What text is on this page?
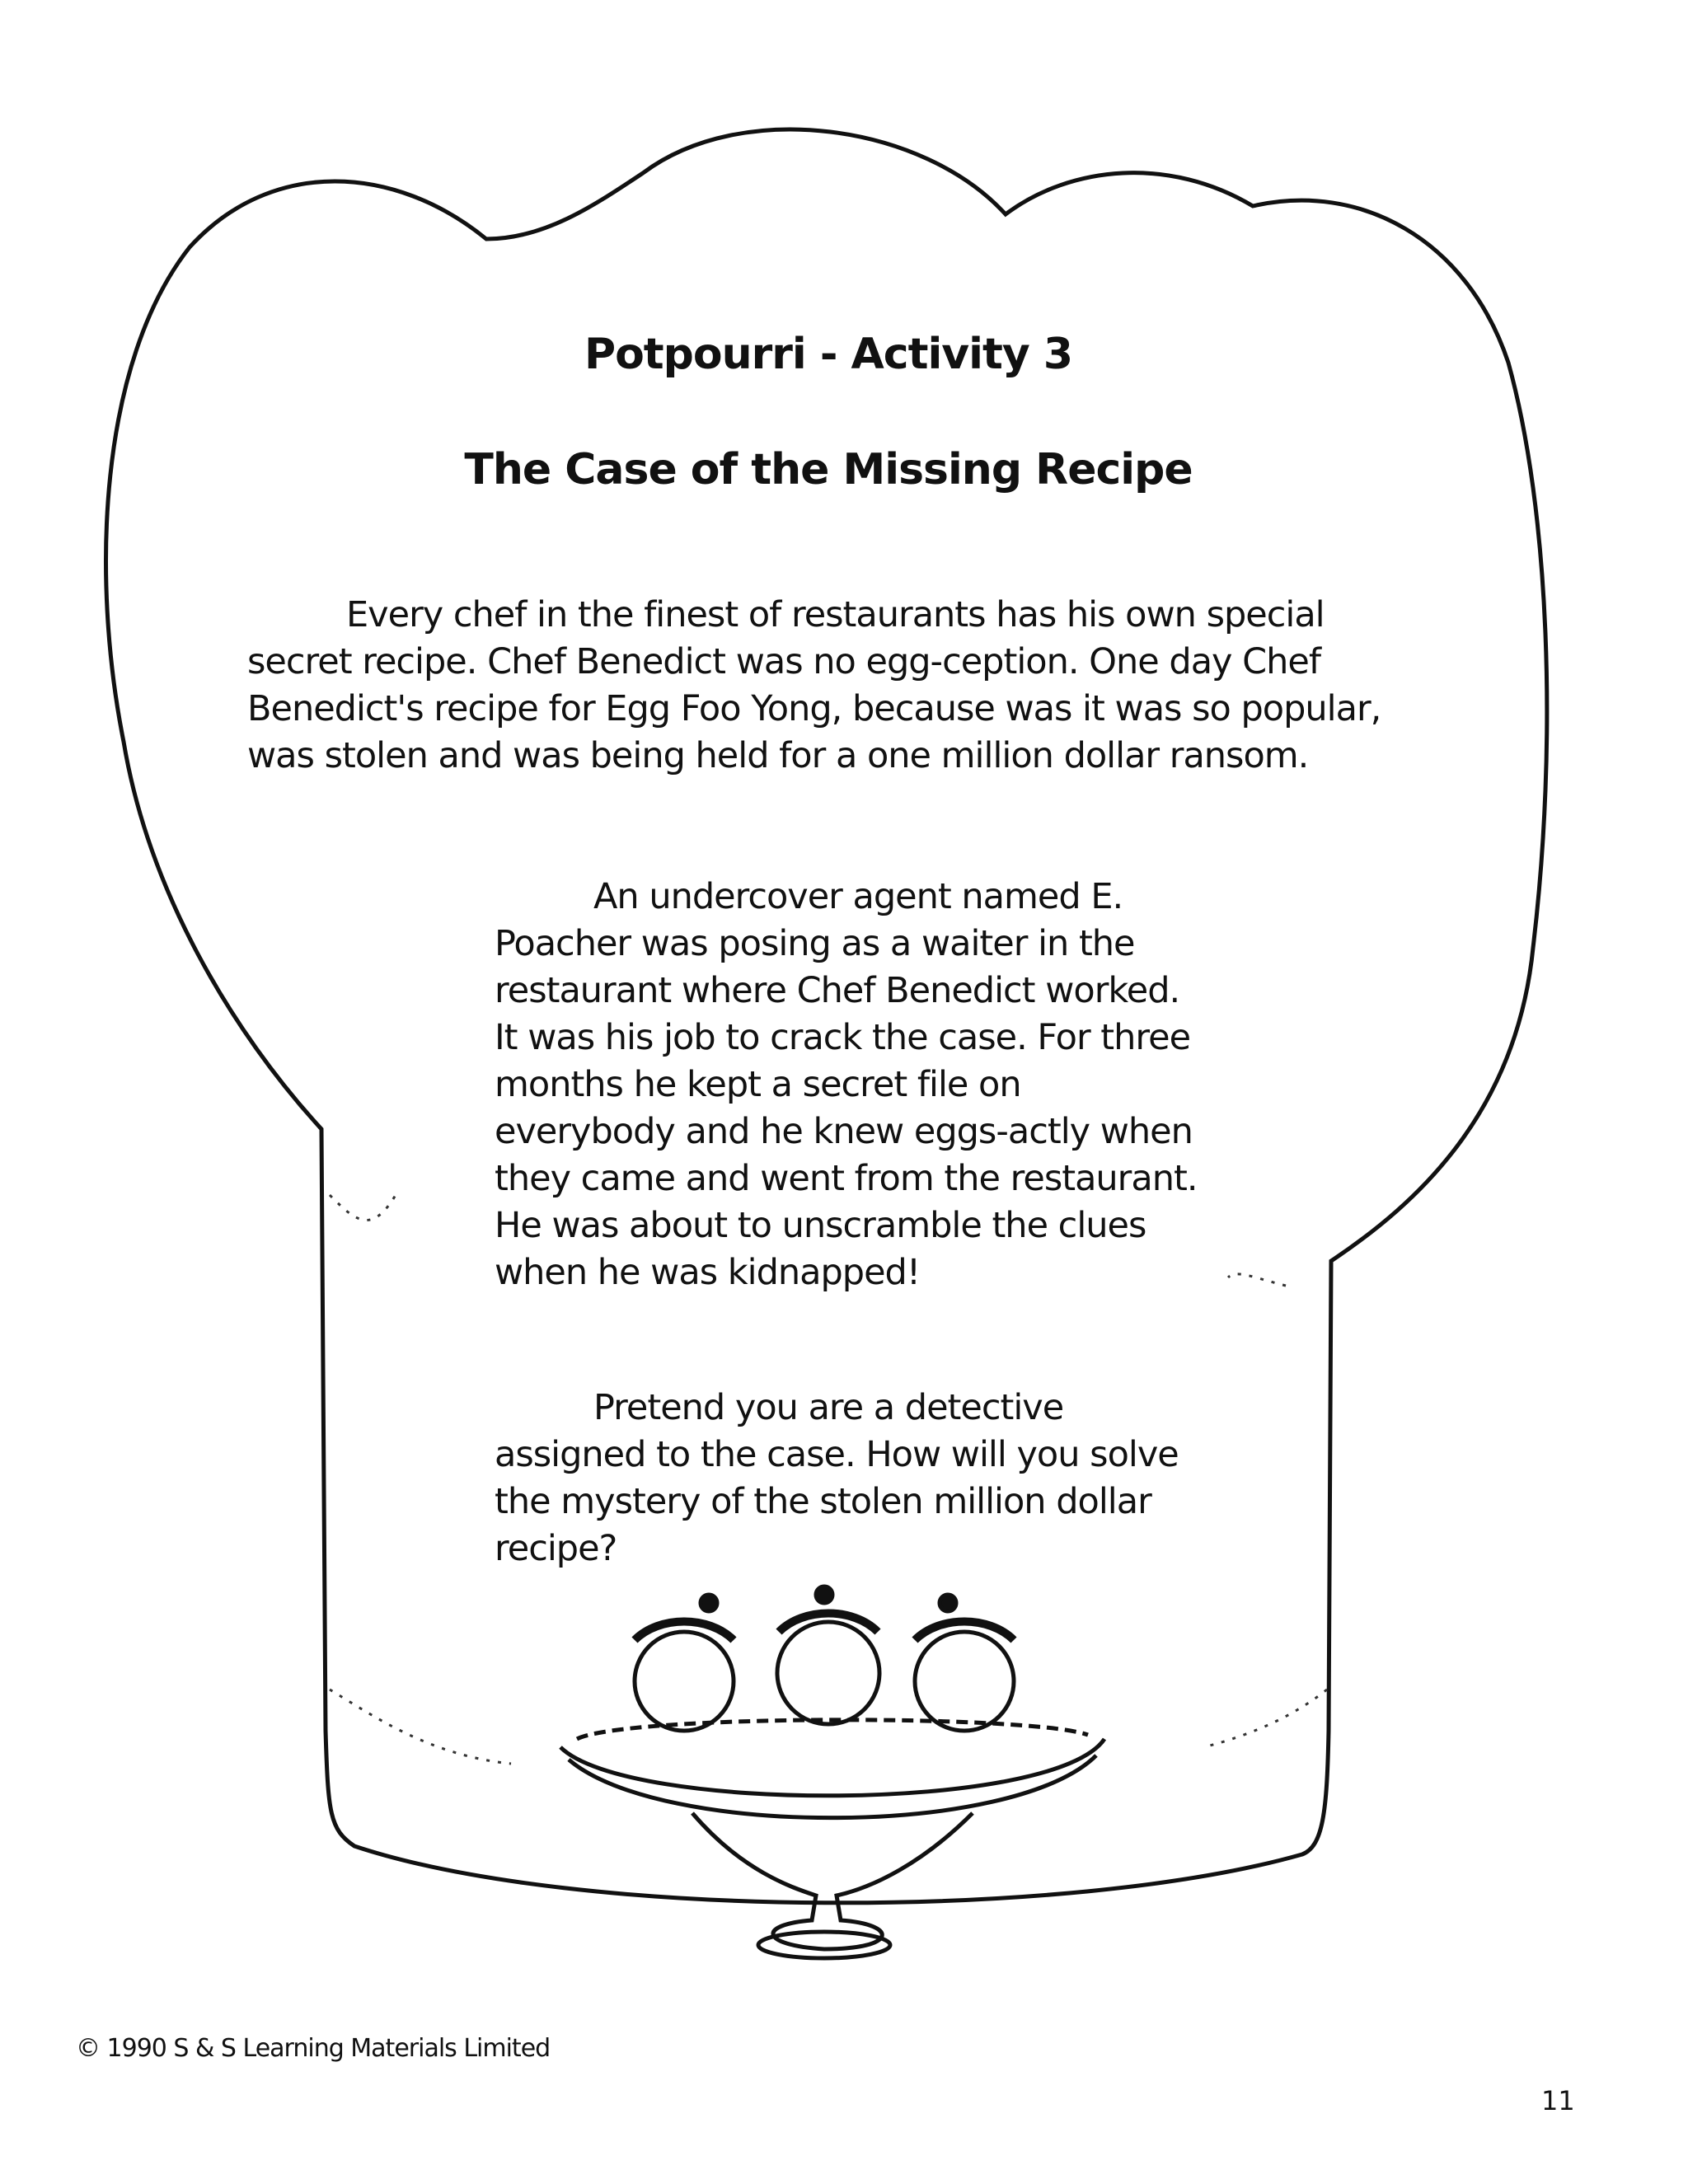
Potpourri - Activity 3
The Case of the Missing Recipe

Every chef in the finest of restaurants has his own special secret recipe. Chef Benedict was no egg-ception. One day Chef Benedict's recipe for Egg Foo Yong, because was it was so popular, was stolen and was being held for a one million dollar ransom.

An undercover agent named E. Poacher was posing as a waiter in the restaurant where Chef Benedict worked. It was his job to crack the case. For three months he kept a secret file on everybody and he knew eggs-actly when they came and went from the restaurant. He was about to unscramble the clues when he was kidnapped!

Pretend you are a detective assigned to the case. How will you solve the mystery of the stolen million dollar recipe?

© 1990 S & S Learning Materials Limited
11
